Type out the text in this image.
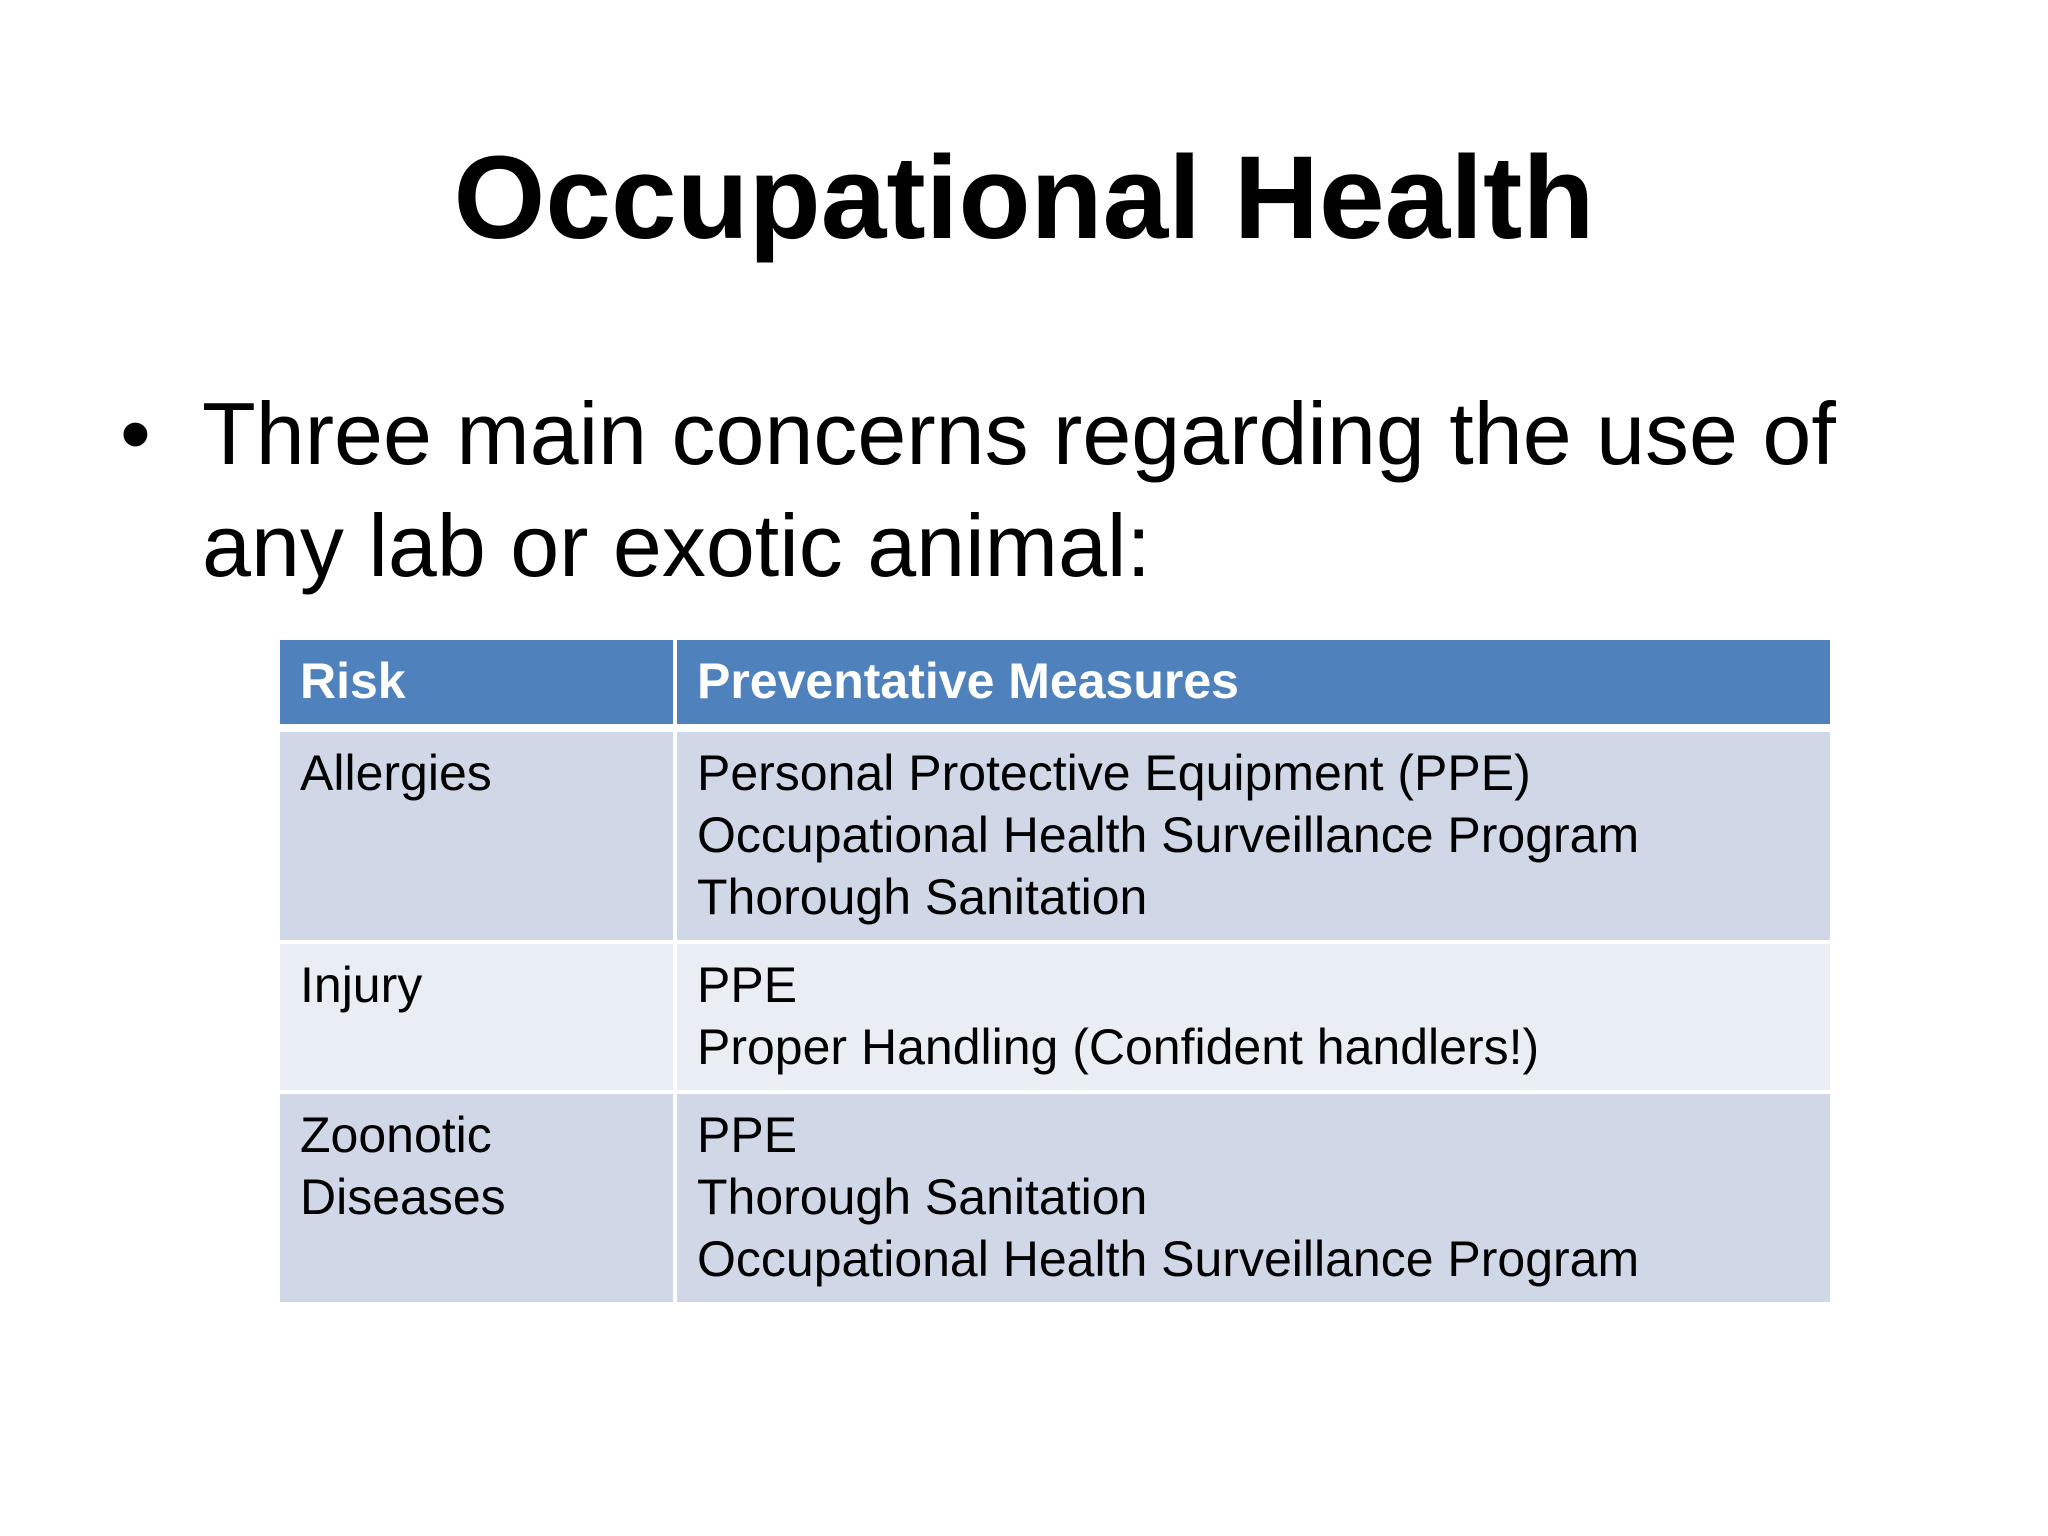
Occupational Health
• Three main concerns regarding the use of any lab or exotic animal:
Risk	Preventative Measures

Allergies	Personal Protective Equipment (PPE)
Occupational Health Surveillance Program
Thorough Sanitation

Injury	PPE
Proper Handling (Confident handlers!)

Zoonotic
Diseases	PPE
Thorough Sanitation
Occupational Health Surveillance Program
